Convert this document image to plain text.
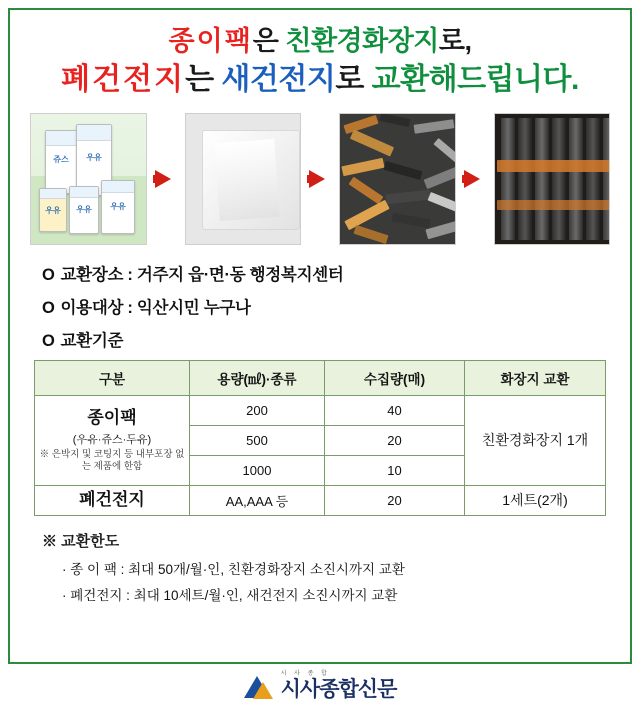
종이팩은 친환경화장지로,
폐건전지는 새건전지로 교환해드립니다.
쥬스	우유
우유	우유	우유
O 교환장소 : 거주지 읍·면·동 행정복지센터
O 이용대상 : 익산시민 누구나
O 교환기준
구분	용량(㎖)·종류	수집량(매)	화장지 교환
종이팩
(우유·쥬스·두유)
※ 은박지 및 코팅지 등 내부포장 없는 제품에 한함	200	40	친환경화장지 1개
	500	20	
	1000	10	
폐건전지	AA,AAA 등	20	1세트(2개)
※ 교환한도
· 종 이 팩 : 최대 50개/월·인, 친환경화장지 소진시까지 교환
· 폐건전지 : 최대 10세트/월·인, 새건전지 소진시까지 교환
시 사 종 합
시사종합신문
